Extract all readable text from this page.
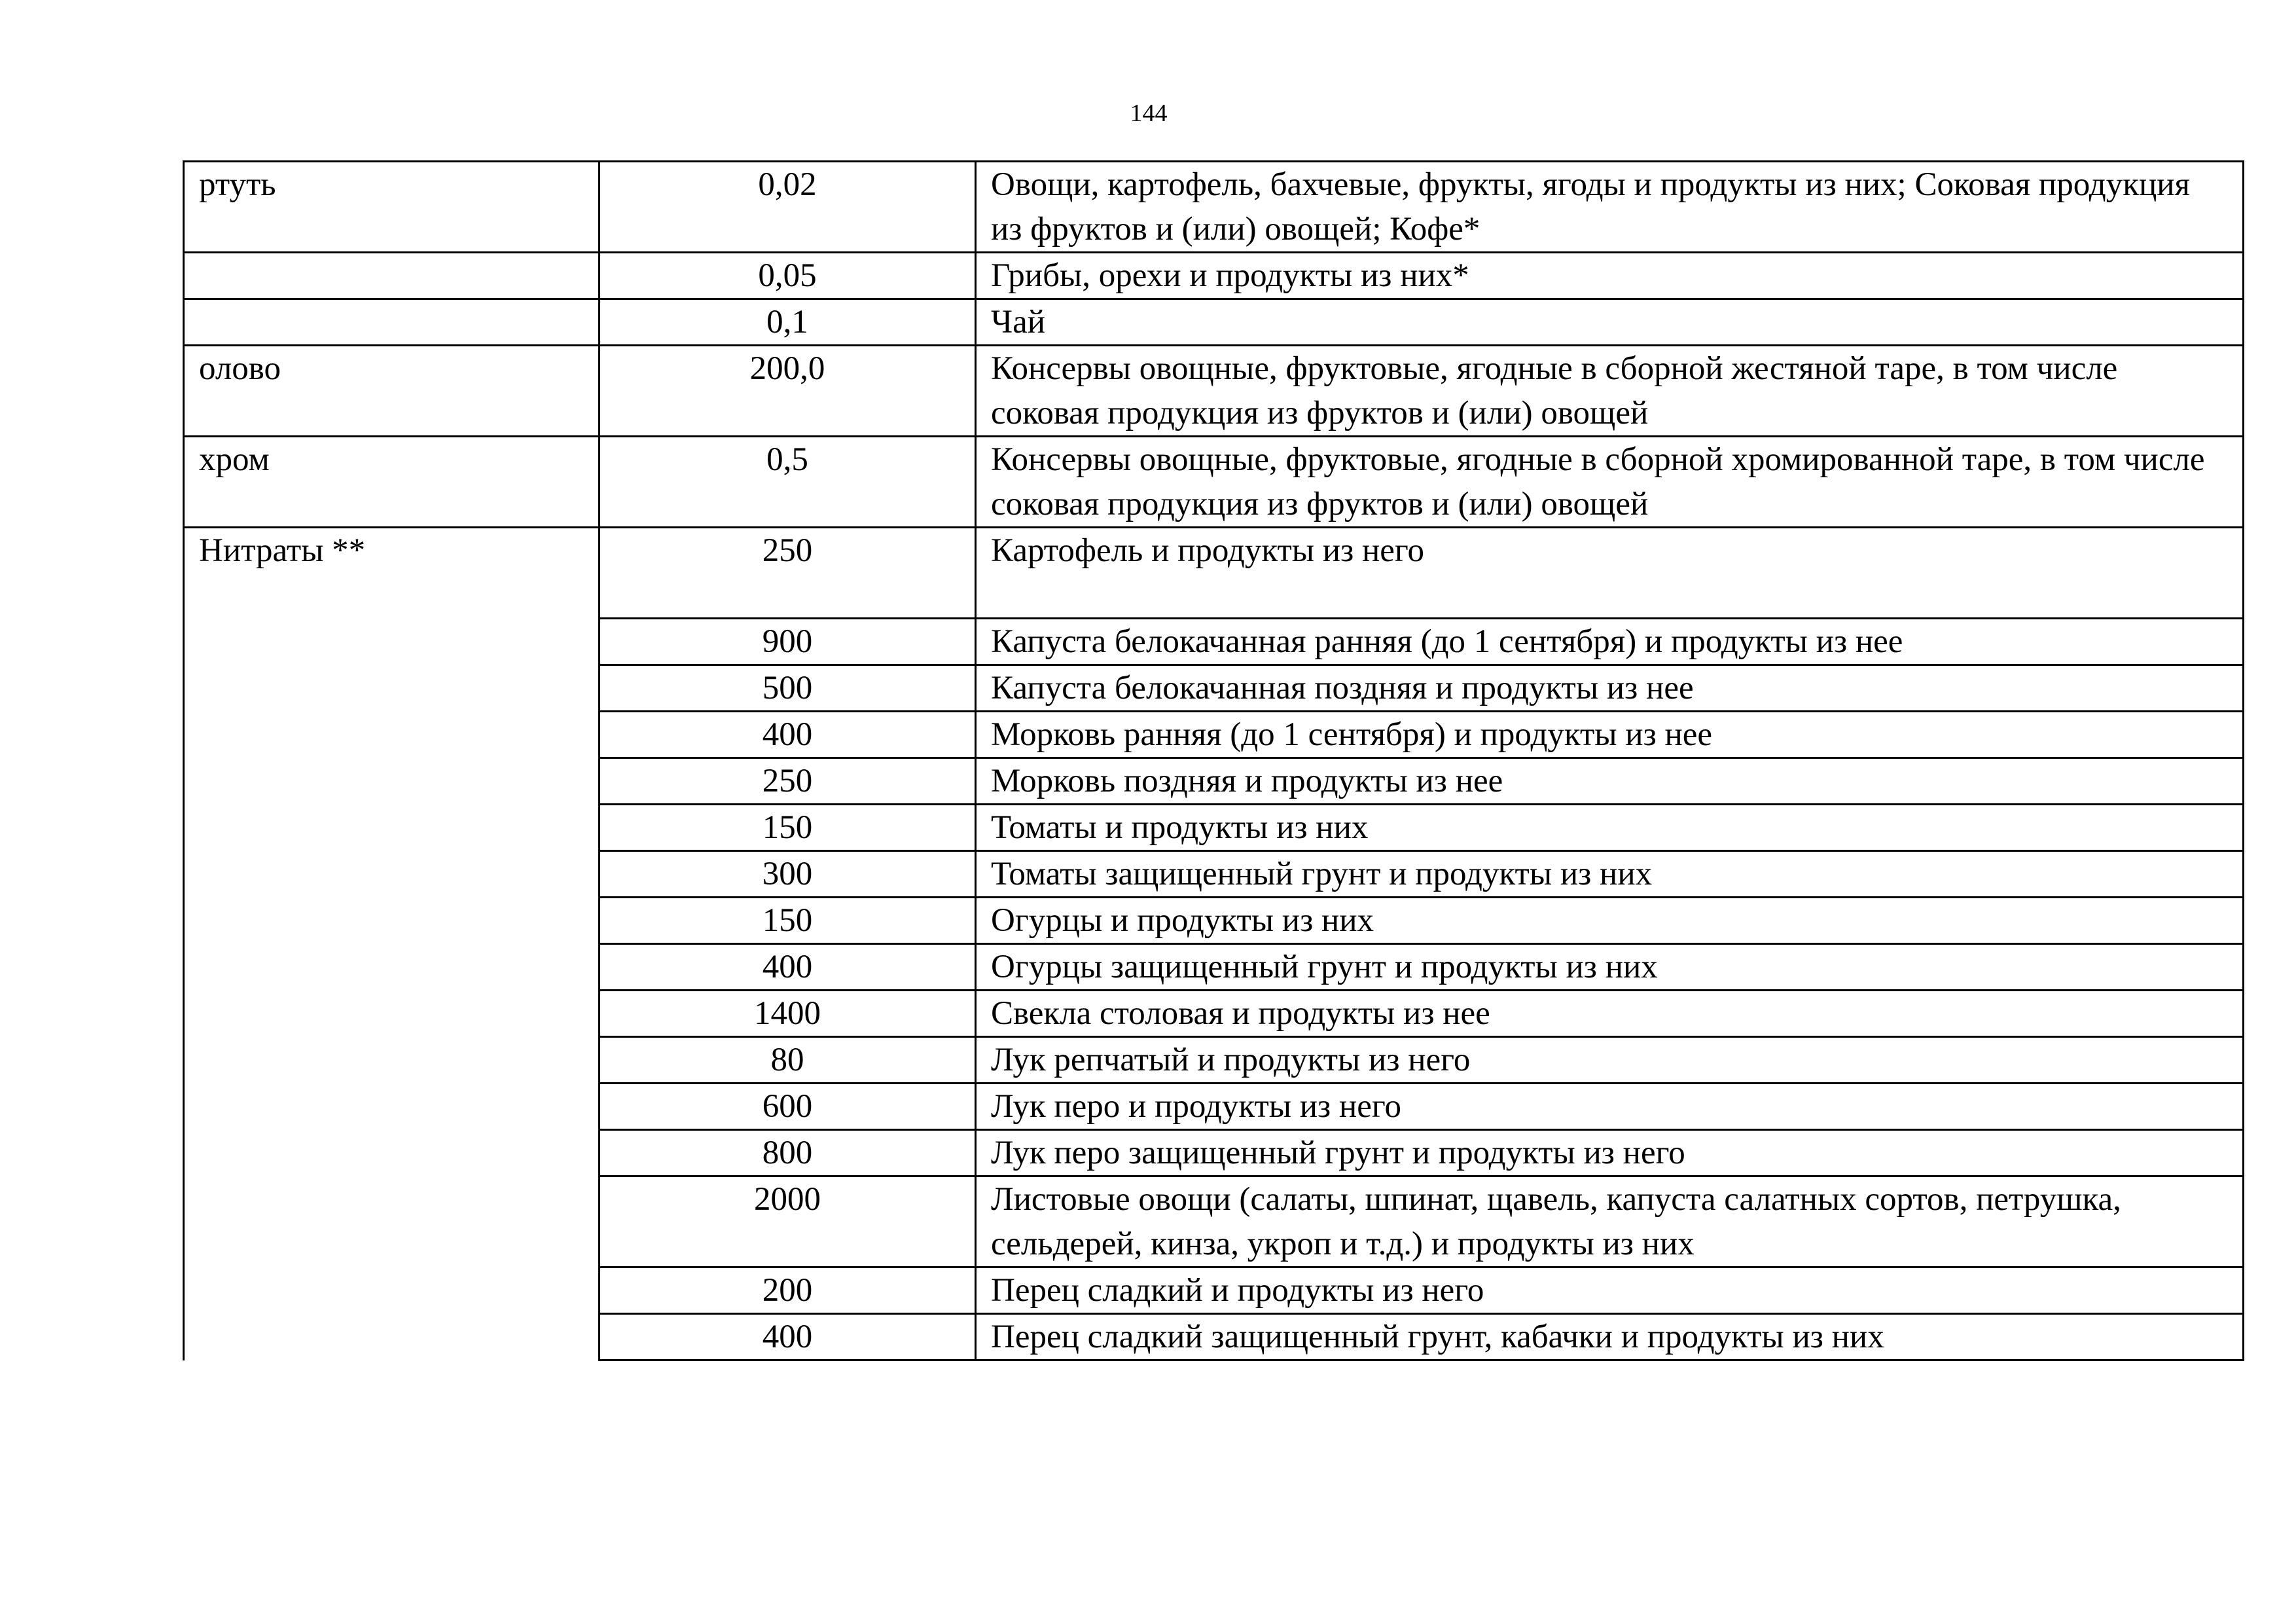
144
ртуть	0,02	Овощи, картофель, бахчевые, фрукты, ягоды и продукты из них; Соковая продукция из фруктов и (или) овощей; Кофе*
	0,05	Грибы, орехи и продукты из них*
	0,1	Чай
олово	200,0	Консервы овощные, фруктовые, ягодные в сборной жестяной таре, в том числе соковая продукция из фруктов и (или) овощей
хром	0,5	Консервы овощные, фруктовые, ягодные в сборной хромированной таре, в том числе соковая продукция из фруктов и (или) овощей
Нитраты **	250	Картофель и продукты из него
	900	Капуста белокачанная ранняя (до 1 сентября) и продукты из нее
	500	Капуста белокачанная поздняя и продукты из нее
	400	Морковь ранняя (до 1 сентября) и продукты из нее
	250	Морковь поздняя и продукты из нее
	150	Томаты и продукты из них
	300	Томаты защищенный грунт и продукты из них
	150	Огурцы и продукты из них
	400	Огурцы защищенный грунт и продукты из них
	1400	Свекла столовая и продукты из нее
	80	Лук репчатый и продукты из него
	600	Лук перо и продукты из него
	800	Лук перо защищенный грунт и продукты из него
	2000	Листовые овощи (салаты, шпинат, щавель, капуста салатных сортов, петрушка, сельдерей, кинза, укроп и т.д.) и продукты из них
	200	Перец сладкий и продукты из него
	400	Перец сладкий защищенный грунт, кабачки и продукты из них
